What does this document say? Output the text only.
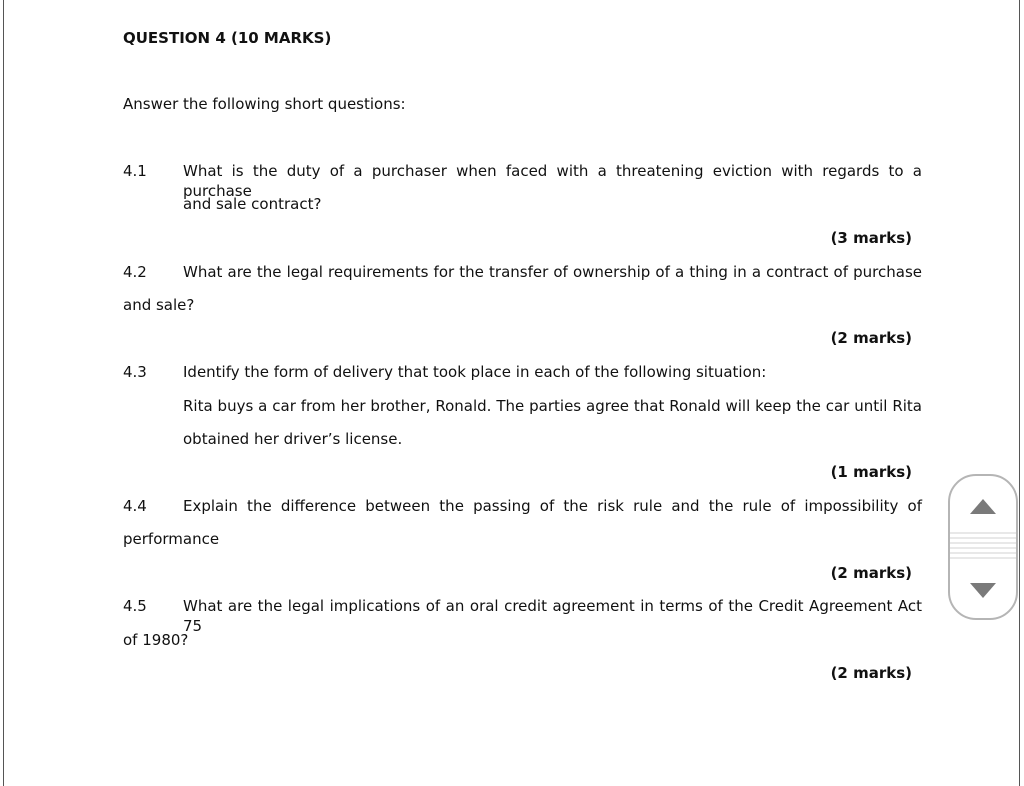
QUESTION 4 (10 MARKS)
Answer the following short questions:
4.1 What is the duty of a purchaser when faced with a threatening eviction with regards to a purchase
and sale contract?
(3 marks)
4.2 What are the legal requirements for the transfer of ownership of a thing in a contract of purchase
and sale?
(2 marks)
4.3 Identify the form of delivery that took place in each of the following situation:
Rita buys a car from her brother, Ronald. The parties agree that Ronald will keep the car until Rita
obtained her driver’s license.
(1 marks)
4.4 Explain the difference between the passing of the risk rule and the rule of impossibility of
performance
(2 marks)
4.5 What are the legal implications of an oral credit agreement in terms of the Credit Agreement Act 75
of 1980?
(2 marks)
